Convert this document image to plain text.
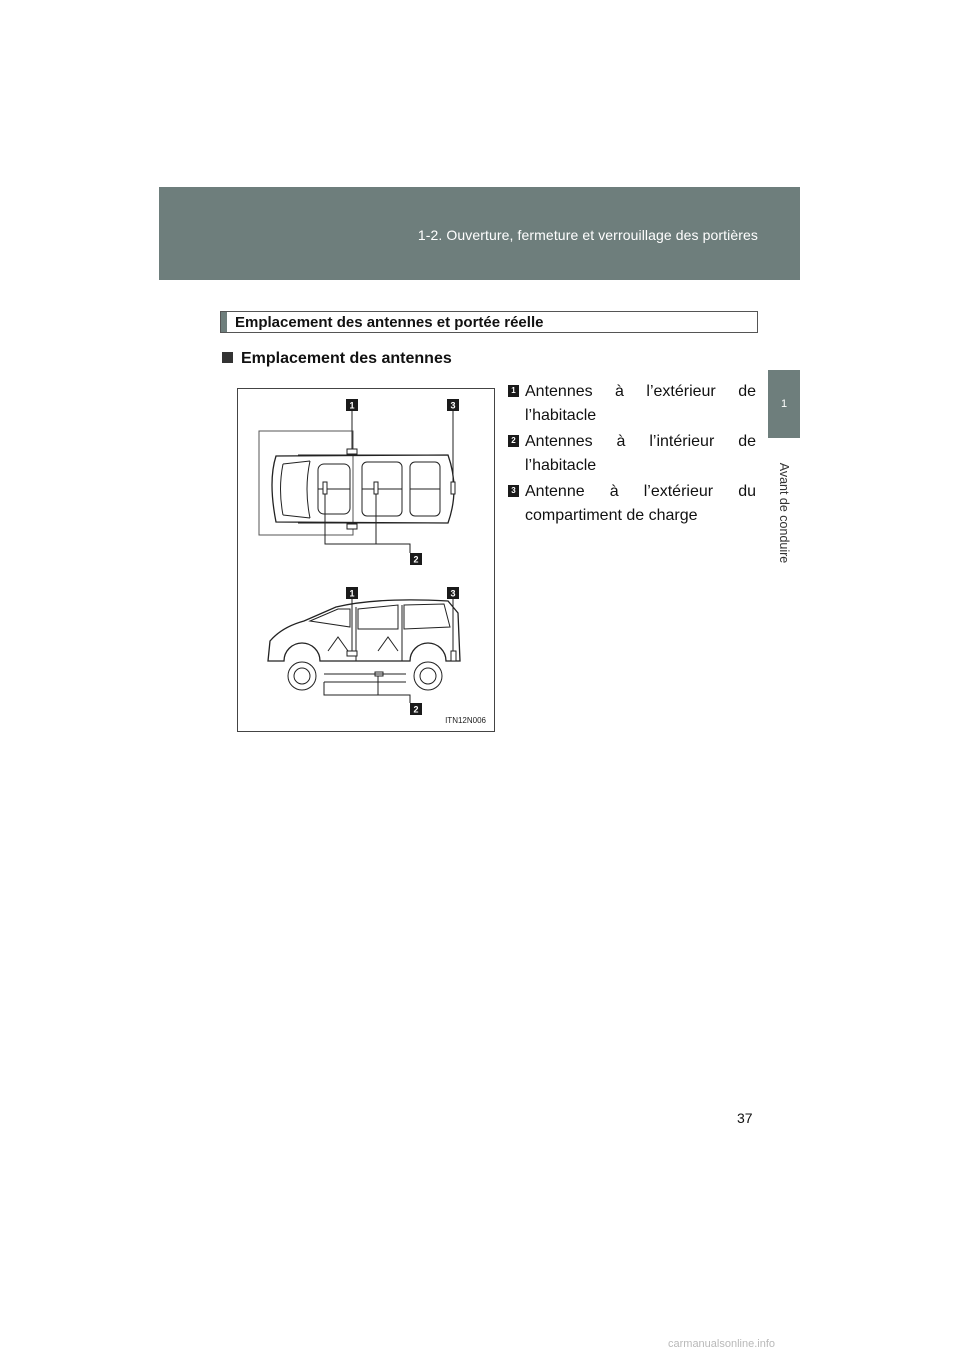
1-2. Ouverture, fermeture et verrouillage des portières
1
Avant de conduire
Emplacement des antennes et portée réelle
Emplacement des antennes
1	3
2
1	3
2
ITN12N006
1 Antennes à l’extérieur de l’habitacle
2 Antennes à l’intérieur de l’habitacle
3 Antenne à l’extérieur du compartiment de charge
37
carmanualsonline.info
